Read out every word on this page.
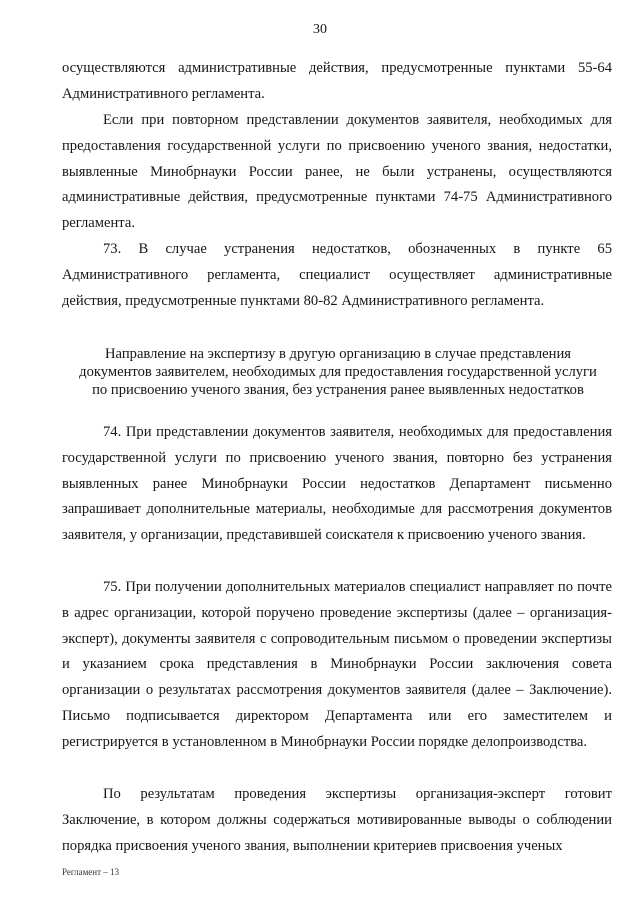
30

осуществляются административные действия, предусмотренные пунктами 55-64 Административного регламента.

Если при повторном представлении документов заявителя, необходимых для предоставления государственной услуги по присвоению ученого звания, недостатки, выявленные Минобрнауки России ранее, не были устранены, осуществляются административные действия, предусмотренные пунктами 74-75 Административного регламента.

73. В случае устранения недостатков, обозначенных в пункте 65 Административного регламента, специалист осуществляет административные действия, предусмотренные пунктами 80-82 Административного регламента.

Направление на экспертизу в другую организацию в случае представления документов заявителем, необходимых для предоставления государственной услуги по присвоению ученого звания, без устранения ранее выявленных недостатков

74. При представлении документов заявителя, необходимых для предоставления государственной услуги по присвоению ученого звания, повторно без устранения выявленных ранее Минобрнауки России недостатков Департамент письменно запрашивает дополнительные материалы, необходимые для рассмотрения документов заявителя, у организации, представившей соискателя к присвоению ученого звания.

75. При получении дополнительных материалов специалист направляет по почте в адрес организации, которой поручено проведение экспертизы (далее – организация-эксперт), документы заявителя с сопроводительным письмом о проведении экспертизы и указанием срока представления в Минобрнауки России заключения совета организации о результатах рассмотрения документов заявителя (далее – Заключение). Письмо подписывается директором Департамента или его заместителем и регистрируется в установленном в Минобрнауки России порядке делопроизводства.

По результатам проведения экспертизы организация-эксперт готовит Заключение, в котором должны содержаться мотивированные выводы о соблюдении порядка присвоения ученого звания, выполнении критериев присвоения ученых

Регламент – 13
